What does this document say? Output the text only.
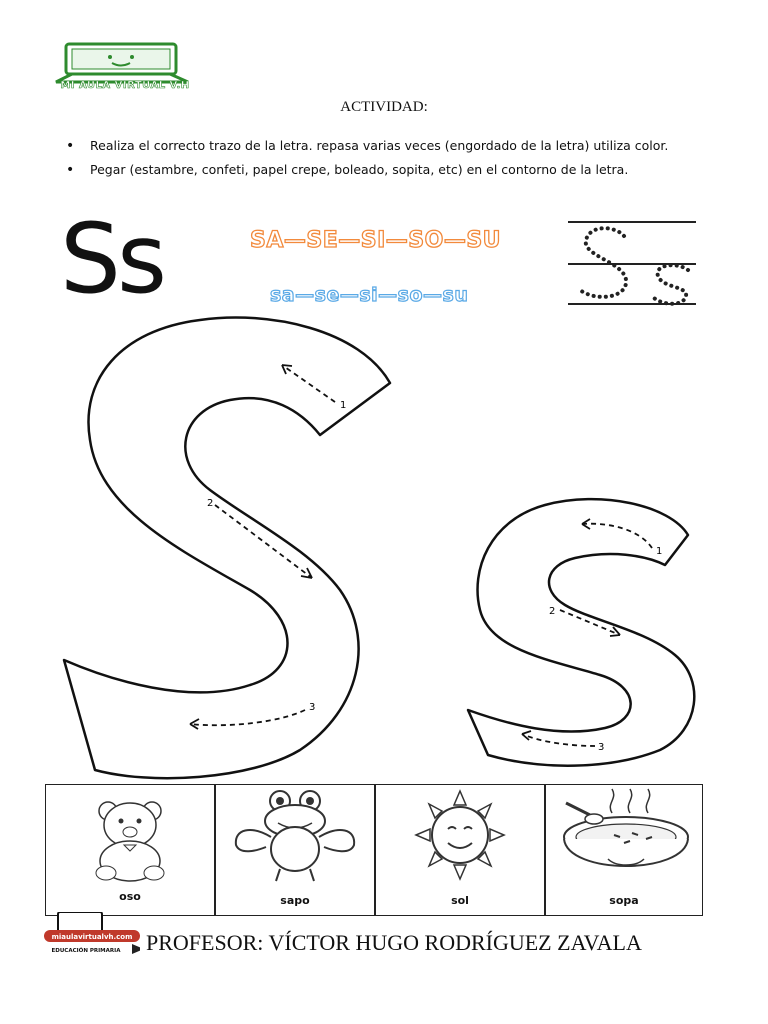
MI AULA VIRTUAL V.H
ACTIVIDAD:
• Realiza el correcto trazo de la letra. repasa varias veces (engordado de la letra) utiliza color.
• Pegar (estambre, confeti, papel crepe, boleado, sopita, etc) en el contorno de la letra.
Ss	SA—SE—SI—SO—SU
sa—se—si—so—su
1
2
3
1
2
3
oso	sapo	sol	sopa
miaulavirtualvh.com
EDUCACIÓN PRIMARIA PROFESOR: VÍCTOR HUGO RODRÍGUEZ ZAVALA
